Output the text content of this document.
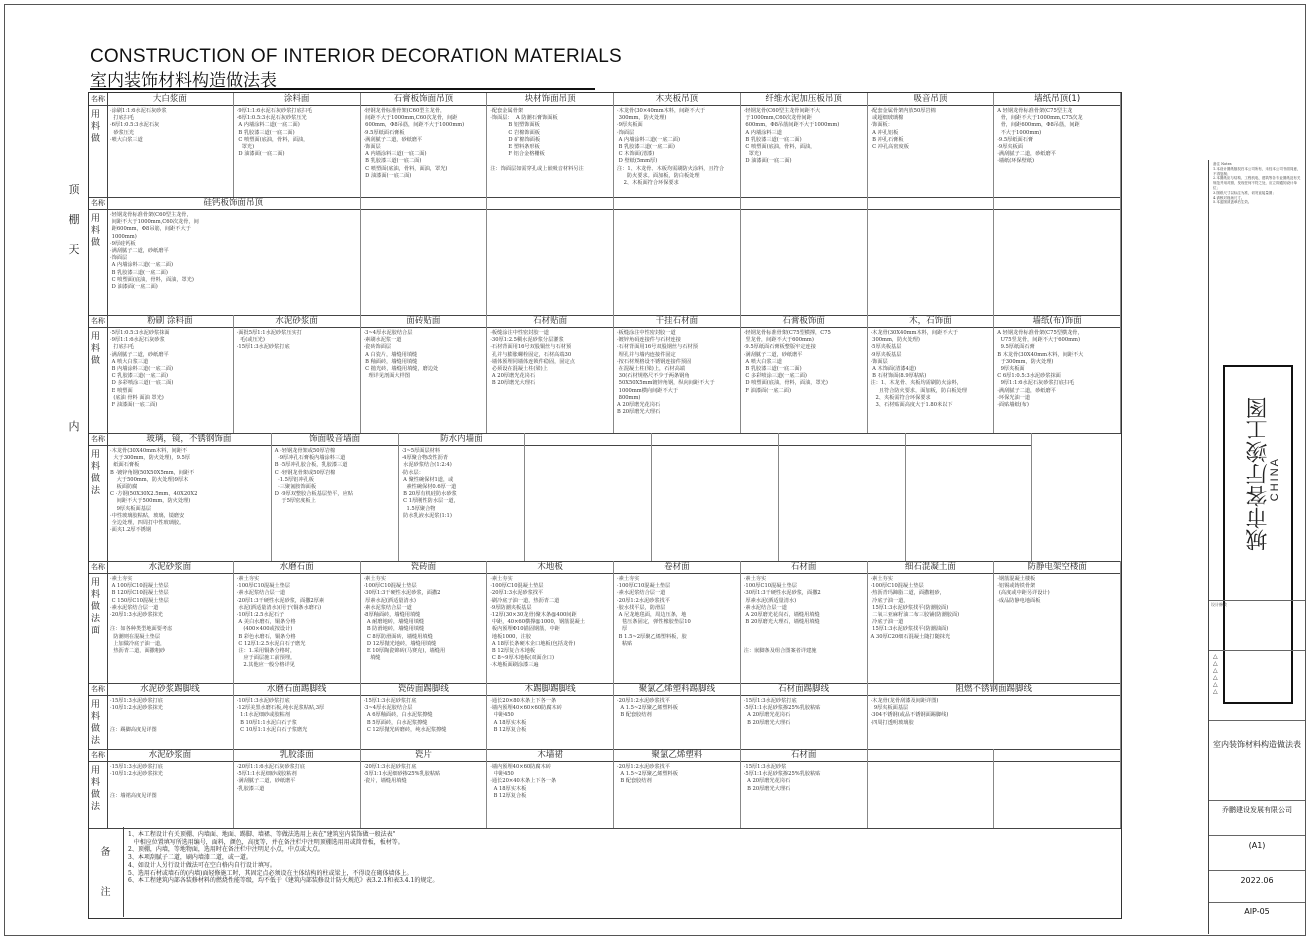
CONSTRUCTION OF INTERIOR DECORATION MATERIALS
室内装饰材料构造做法表
顶 棚 天
内
名称
用料做
大白浆面
·涂刷1:1:6水泥石灰砂浆
打底扫毛
·6厚1:0.5:3水泥石灰
砂浆压光
·喷大白浆三道
涂料面
·9厚1:1:6水泥石灰砂浆打底扫毛
·6厚1:0.5:3水泥石灰砂浆压光
A 内墙涂料二道(一底二面)
B 乳胶漆三道(一底二面)
C 喷塑面(底油，骨料，面油，
罩光)
D 油漆面(一底二面)
石膏板饰面吊顶
·轻钢龙骨标准骨架(C60型主龙骨，
间距不大于1000mm,C60次龙骨，间距
600mm，Φ8吊筋，间距不大于1000mm)
·9.5厚纸面石膏板
·满刮腻子二道，砂纸磨平
·饰面层
A 内墙涂料三道(一底二面)
B 乳胶漆三道(一底二面)
C 喷塑面(底油，骨料，面油，罩光)
D 油漆面(一底二面)
块材饰面吊顶
·配套金属骨架
·饰面层：  A 防潮石膏饰面板
B 铝塑饰面板
C 岩棉饰面板
D 矿棉饰面板
E 塑料条形板
F 铝合金格栅板

注：饰面层如需穿孔或上嵌吸音材料另注
木夹板吊顶
·木龙骨(30×40mm木料，间距不大于
300mm，防火处理)
·9厚夹板面
·饰面层
A 内墙涂料三道(一底二面)
B 乳胶漆三道(一底二面)
C 木饰面(清漆)
D 壁纸(5mm厚)
注：1、木龙骨、木板均需刷防火涂料，且符合
防火要求。面加板，防白板处理
2、木板面符合环保要求
纤维水泥加压板吊顶
·轻钢龙骨(C60型主龙骨间距不大
于1000mm,C60次龙骨间距
600mm，Φ8吊筋间距不大于1000mm)
A 内墙涂料三道
B 乳胶漆三道(一底二面)
C 喷塑面(底油，骨料，面油，
罩光)
D 油漆面(一底二面)
吸音吊顶
·配套金属骨架内放50厚岩棉
或超细玻璃棉
·饰面板：
A 冲孔铝板
B 冲孔石膏板
C 冲孔高密度板
墙纸吊顶(1)
A 轻钢龙骨标准骨架(C75型主龙
骨，间距不大于1000mm,C75次龙
骨，间距600mm，Φ8吊筋，间距
不大于1000mm)
·9.5厚纸面石膏
·9厚夹板面
·满刮腻子二道，砂纸磨平
·墙纸(环保壁纸)
名称
用料做
硅钙板饰面吊顶
·轻钢龙骨标准骨架(C60型主龙骨，
间距不大于1000mm,C60次龙骨，间
距600mm，Φ8吊筋，间距不大于
1000mm)
·9厚硅钙板
·满刮腻子二道，砂纸磨平
·饰面层
A 内墙涂料三道(一底二面)
B 乳胶漆三道(一底二面)
C 喷塑面(底油，骨料，面油，罩光)
D 油漆面(一底二面)
名称
用料做
粉刷 涂料面
·5厚1:0.5:3水泥砂浆抹面
·9厚1:1:6水泥石灰砂浆
打底扫毛
·满刮腻子二道，砂纸磨平
A 喷大白浆三道
B 内墙涂料三道(一底二面)
C 乳胶漆三道(一底二面)
D 多彩喷涂三道(一底二面)
E 喷塑面
(底油 骨料 面油 罩光)
F 油漆面(一底二面)
水泥砂浆面
·面批5厚1:1水泥砂浆压实打
毛(或压光)
·15厚1:3水泥砂浆打底
面砖贴面
·3~4厚水泥胶结合层
·素刷水泥浆一道
·瓷砖饰面层
A 白瓷片，墙缝用填缝
B 釉面砖，墙缝用填缝
C 抛光砖，墙缝用填缝，磨边处
理详见剖面大样图
石材贴面
·板缝涂注中性密封胶一道
·30厚1:2.5稠水泥砂浆分层灌浆
·石材背面用16号双股铜丝与石材预
孔并与膨胀螺栓固定，石材高端30
·墙体预埋同墙体连锁件稳固，固定点
必须设在混凝土柱(梁)上
A 20厚磨光花岗石
B 20厚磨光大理石
干挂石材面
·板缝涂注中性密封胶一道
·镀锌角码连接件与石材连接
·石材背面用16号双股钢丝与石材预
埋孔并与墙内连接件固定
·按石材规格设不锈钢连接件预固
在混凝土柱(梁)上，石材高端
30(石材规格尺不少于两条钢角
50X50X5mm镀锌角钢，纵向间距不大于
1000mm横向间距不大于
800mm)
A 20厚磨光花岗石
B 20厚磨光大理石
石膏板饰面
·轻钢龙骨标准骨架(C75型横撑，C75
竖龙骨，间距不大于600mm)
·9.5厚纸面石膏板整版牢定连接
·满刮腻子二道，砂纸磨平
A 喷大白浆三道
B 乳胶漆三道(一底二面)
C 多彩喷涂三道(一底二面)
D 喷塑面(底油，骨料，面油，罩光)
F 油漆面(一底二面)
木，石饰面
·木龙骨(30X40mm木料，间距不大于
300mm，防火处理)
·5厚夹板基层
·9厚夹板基层
·饰面层
A 木饰面(清漆4道)
B 石材饰面(8.9厚粘贴)
注：1、木龙骨、夹板均需刷防火涂料，
且符合防火要求，面加板，防白板处理
2、夹板需符合环保要求
3、石材贴面高度大于1.80米以下
墙纸(布)饰面
A 轻钢龙骨标准骨架(C75型横龙骨，
U75竖龙骨，间距不大于600mm)
9.5厚纸面石膏
B 木龙骨(30X40mm木料，间距不大
于300mm，防火处理)
9厚夹板面
C 6厚1:0.5:3水泥砂浆抹面
9厚1:1:6水泥石灰砂浆打底扫毛
·满刮腻子二道，砂纸磨平
·环保光油一道
·面贴墙纸(布)
名称
用料做法
玻璃，镜，不锈钢饰面
·木龙骨(30X40mm木料，间距不
大于300mm，防火处理)，9.5厚
纸面石膏板
B ·镀锌角钢(50X50X5mm，间距不
大于500mm，防火处理)9厚木
板面防腐
C ·方钢(50X30X2.5mm，40X20X2
间距不大于500mm，防火处理)
9厚夹板面基层
·中性玻璃胶粘贴，玻璃，镜磨安
全边处理，四周打中性玻璃胶。
·面夹1.2厚不锈钢
饰面吸音墙面
A ·轻钢龙骨架或50厚岩棉
·9厚冲孔石膏板内墙涂料三道
B ·5厚冲孔胶合板，乳胶漆三道
C ·轻钢龙骨架或50厚岩棉
·1.5厚铝冲孔板
·三聚氰胺饰面板
D ·9厚双整胶合板基层垫平，应贴
于5厚密度板上
防水内墙面
·3~5厚面层材料
·4厚聚合物改性沥青
水泥砂浆结合(1:2:4)
·防水层：
A 聚性碗保材1道，或
素性碗保材0.6厚一道
B 20厚有机硅防水砂浆
C 1厚刚性防水层一道，
1.5厚聚合物
防水乳液水泥浆(1:1)
名称
用料做法面
水泥砂浆面
·素土夯实
A 100厚C10混凝土垫层
B 120厚C10混凝土垫层
C 150厚C10混凝土垫层
·素水泥浆结合层一道
·20厚1:3水泥砂浆抹光

注：如各种类型地面要考虑
防潮则在混凝土垫层
上加做冷底子油一道，
热沥青二道，面撒粗砂
水磨石面
·素土夯实
·100厚C10混凝土垫层
·素水泥浆结合层一道
·20厚1:3干硬性水泥砂浆，面撒2厚素
水泥(洒适量清水)(用于(铜条水磨石)
·10厚1:2.5水泥石子
A 美白水磨石，铜条分格
(400×400或按设计)
B 彩色水磨石，铜条分格
C 12厚1:2.5水泥白石子磨光
注：1.采用铜条分格时，
应于面层施工前预埋。
2.其他应一般分格详见
瓷砖面
·素土夯实
·100厚C10混凝土垫层
·30厚1:3干硬性水泥砂浆，面撒2
厚素水泥(洒适量清水)
·素水泥浆结合层一道
·8厚釉面砖，墙缝用填缝
A 耐磨地砖，墙缝用填缝
B 防滑地砖，墙缝用填缝
C 8厚防滑面砖，墙缝用填缝
D 12厚抛光地砖，墙缝用填缝
E 10厚陶瓷锦砖(马赛克)，墙缝用
填缝
木地板
·素土夯实
·100厚C10混凝土垫层
·20厚1:3水泥砂浆找平
·刷冷底子油一道，热沥青二道
·9厚防潮夹板基层
·12厚(30×30龙骨)聚木条@400间距
中距，40×60横撑@1000，钢筋混凝土
板内预埋Φ10锚固钢筋，中距
地板1000，注胶
A 18厚长条硬木企口地板(包括龙骨)
B 12厚复合木地板
C 8~9厚木地板(双面企口)
·木地板面刷涂漆三遍
卷材面
·素土夯实
·100厚C10混凝土垫层
·素水泥浆结合层一道
·20厚1:2水泥砂浆找平
·胶水找平层，防滑层
A 尼龙地毯面，周边压条，地
毯压条固定，弹性橡胶垫层10
厚
B 1.5~2厚聚乙烯塑料板，胶
粘贴
石材面
·素土夯实
·100厚C10混凝土垫层
·30厚1:3干硬性水泥砂浆，面撒2
厚素水泥(洒适量清水)
·素水泥结合层一道
A 20厚磨光花岗石，墙缝用填缝
B 20厚磨光大理石，墙缝用填缝

注：嵌脚条及组合图案者详建施
细石混凝土面
·素土夯实
·100厚C10混凝土垫层
·热沥青玛蹄脂二道，面撒粗砂，
冷底子油一道，
15厚1:3水泥砂浆找平(防潮胶面)
二氧三亚麻籽油二布三胶铺(防潮胶面)
冷底子油一道
15厚1:3水泥砂浆找平(防潮油面)
A 30厚C20细石混凝土随打随抹光
防静电架空楼面
·钢筋混凝土楼板
·铝锡或铸铁骨架
(高度或中距另详设计)
·成品防静电地面板
名称
用料做法
水泥砂浆踢脚线
·15厚1:3水泥砂浆打底
·10厚1:2水泥砂浆抹光

注：踢脚高度见详图
水磨石面踢脚线
·10厚1:3水泥砂浆打底
·12厚美黑水磨石板,纯水泥浆粘贴,3厚
1:1水泥细砂或胶粘剂
B 10厚1:1水泥白石子浆
C 10厚1:1水泥白石子浆磨光
瓷砖面踢脚线
·15厚1:3水泥砂浆打底
·3~4厚水泥胶结合层
A 6厚釉面砖，白水泥浆擦缝
B 5厚面砖，白水泥浆擦缝
C 12厚抛光砖磨砖，纯水泥浆擦缝
木踢脚踢脚线
·通长20×80木条上下各一条
·墙内预埋40×60×60防腐木砖
中距450
A 18厚实木板
B 12厚复合板
聚氯乙烯塑料踢脚线
·20厚1:2水泥砂浆找平
A 1.5~2厚聚乙烯塑料板
B 配套胶结剂
石材面踢脚线
·15厚1:3水泥砂浆打底
·5厚1:1水泥砂浆掺25%乳胶粘贴
A 20厚磨光花岗石
B 20厚磨光大理石
阻燃不锈钢面踢脚线
·木龙骨(龙骨刮漆及间距详图)
9厚夹板面基层
·304不锈钢(或品不锈钢面踢脚线)
·四周打透明玻璃胶
名称
用料做法
水泥砂浆面
·15厚1:3水泥砂浆打底
·10厚1:2水泥砂浆抹光

注：墙裙高度见详图
乳胶漆面
·20厚1:1:6水泥石灰砂浆打底
·5厚1:1水泥细砂或胶粘剂
·满刮腻子二道，砂纸磨平
·乳胶漆三道
瓷片
·20厚1:3水泥砂浆打底
·5厚1:1水泥细砂掺25%乳胶粘贴
·瓷片，墙缝用填缝
木墙裙
·墙内预埋40×60防腐木砖
中距450
·通长20×40木条上下各一条
A 18厚实木板
B 12厚复合板
聚氯乙烯塑料
·20厚1:2水泥砂浆找平
A 1.5~2厚聚乙烯塑料板
B 配套胶结剂
石材面
·15厚1:3水泥砂浆
·5厚1:1水泥砂浆掺25%乳胶粘贴
A 20厚磨光花岗石
B 20厚磨光大理石
备

注
1、本工程设计有关顶棚、内墙面、地面、踢脚、墙裙、等做法选用上表在"建筑室内装饰做一般法表"
中相应位置填写所选用编号，面料，颜色，高度等，并在备注栏中注明顶棚选用用或简骨板，板材等。
2、顶棚，内墙，等地物面，选用时在备注栏中注明足小点，中点或大点。
3、本项刮腻子二道，刷内墙漆二道，或一道。
4、如设计人另行设计做法可在空白格内自行设计填写。
5、选用石材或墙石的(内墙)面轻修施工时，其固定点必须设在主体结构的柱或梁上，不得设在砌体墙体上。
6、本工程建筑内部各装修材料的燃烧性能等级，均不低于《建筑内部装修设计防火规范》表3.2.1和表3.4.1的规定。
备注 Notes
1.本设计图纸版权归本公司所有，未经本公司书面同意，不得复制；
2.本图纸应与结构、工程机电、建筑等各专业图纸及有关规范并用对照，发现任何不符之处，应立即通知设计单位；
3.图纸尺寸以标注为准，切勿直接量图；
4.请核对现场尺寸。
5.本蓝图须盖章后生效。
城市客厅竣工图
CHINA
设计修改
△
△
△
△
△
△
室内装饰材料构造做法表
乔鹏建设发展有限公司
(A1)
2022.06
AIP-05
